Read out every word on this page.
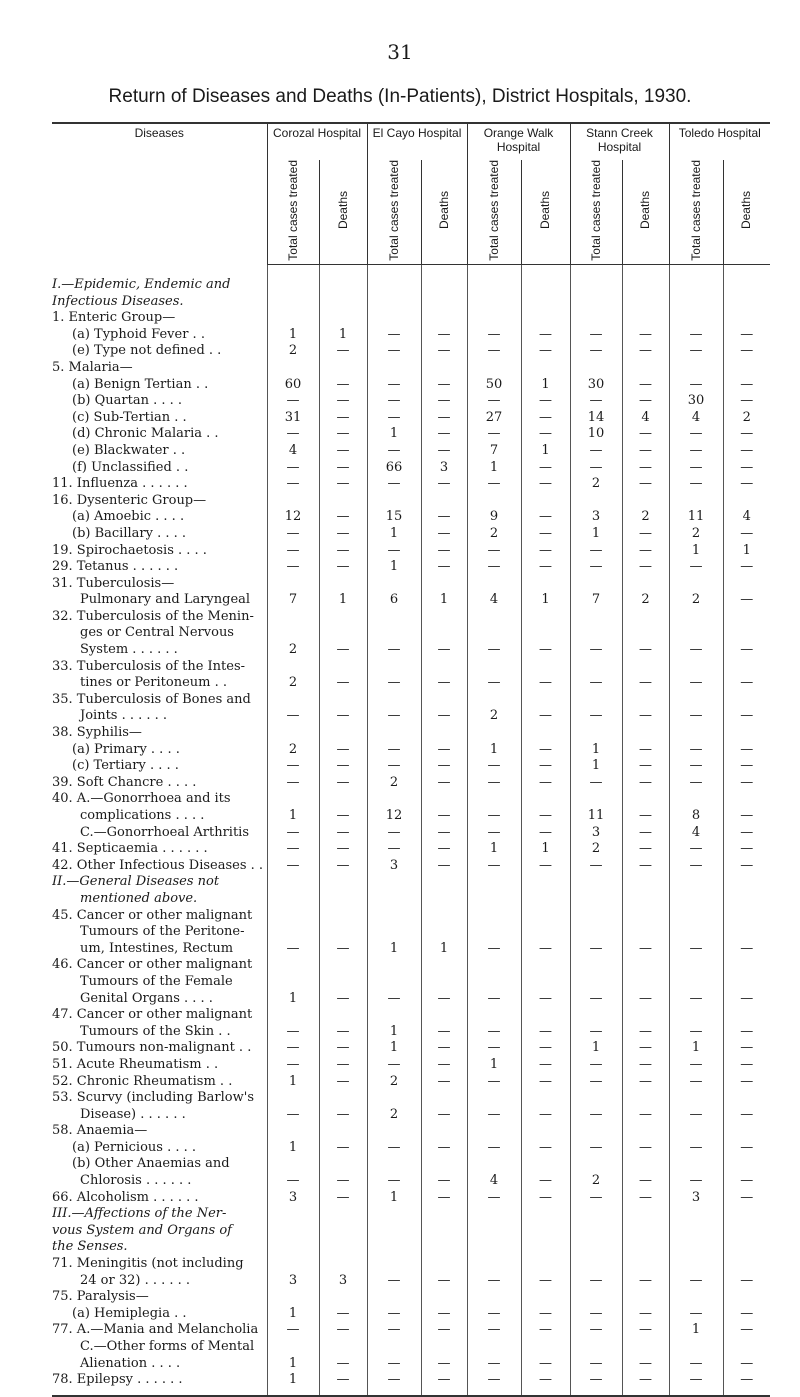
31
Return of Diseases and Deaths (In-Patients), District Hospitals, 1930.
Diseases	Corozal Hospital		El Cayo Hospital		Orange Walk Hospital		Stann Creek Hospital		Toledo Hospital	
	Total cases treated	Deaths	Total cases treated	Deaths	Total cases treated	Deaths	Total cases treated	Deaths	Total cases treated	Deaths
I.—Epidemic, Endemic and										
Infectious Diseases.										
1. Enteric Group—										
(a) Typhoid Fever . .	1	1	—	—	—	—	—	—	—	—
(e) Type not defined . .	2	—	—	—	—	—	—	—	—	—
5. Malaria—										
(a) Benign Tertian . .	60	—	—	—	50	1	30	—	—	—
(b) Quartan . . . .	—	—	—	—	—	—	—	—	30	—
(c) Sub-Tertian . .	31	—	—	—	27	—	14	4	4	2
(d) Chronic Malaria . .	—	—	1	—	—	—	10	—	—	—
(e) Blackwater . .	4	—	—	—	7	1	—	—	—	—
(f) Unclassified . .	—	—	66	3	1	—	—	—	—	—
11. Influenza . . . . . .	—	—	—	—	—	—	2	—	—	—
16. Dysenteric Group—										
(a) Amoebic . . . .	12	—	15	—	9	—	3	2	11	4
(b) Bacillary . . . .	—	—	1	—	2	—	1	—	2	—
19. Spirochaetosis . . . .	—	—	—	—	—	—	—	—	1	1
29. Tetanus . . . . . .	—	—	1	—	—	—	—	—	—	—
31. Tuberculosis—										
Pulmonary and Laryngeal	7	1	6	1	4	1	7	2	2	—
32. Tuberculosis of the Menin-										
ges or Central Nervous										
System . . . . . .	2	—	—	—	—	—	—	—	—	—
33. Tuberculosis of the Intes-										
tines or Peritoneum . .	2	—	—	—	—	—	—	—	—	—
35. Tuberculosis of Bones and										
Joints . . . . . .	—	—	—	—	2	—	—	—	—	—
38. Syphilis—										
(a) Primary . . . .	2	—	—	—	1	—	1	—	—	—
(c) Tertiary . . . .	—	—	—	—	—	—	1	—	—	—
39. Soft Chancre . . . .	—	—	2	—	—	—	—	—	—	—
40. A.—Gonorrhoea and its										
complications . . . .	1	—	12	—	—	—	11	—	8	—
C.—Gonorrhoeal Arthritis	—	—	—	—	—	—	3	—	4	—
41. Septicaemia . . . . . .	—	—	—	—	1	1	2	—	—	—
42. Other Infectious Diseases . .	—	—	3	—	—	—	—	—	—	—
II.—General Diseases not										
mentioned above.										
45. Cancer or other malignant										
Tumours of the Peritone-										
um, Intestines, Rectum	—	—	1	1	—	—	—	—	—	—
46. Cancer or other malignant										
Tumours of the Female										
Genital Organs . . . .	1	—	—	—	—	—	—	—	—	—
47. Cancer or other malignant										
Tumours of the Skin . .	—	—	1	—	—	—	—	—	—	—
50. Tumours non-malignant . .	—	—	1	—	—	—	1	—	1	—
51. Acute Rheumatism . .	—	—	—	—	1	—	—	—	—	—
52. Chronic Rheumatism . .	1	—	2	—	—	—	—	—	—	—
53. Scurvy (including Barlow's										
Disease) . . . . . .	—	—	2	—	—	—	—	—	—	—
58. Anaemia—										
(a) Pernicious . . . .	1	—	—	—	—	—	—	—	—	—
(b) Other Anaemias and										
Chlorosis . . . . . .	—	—	—	—	4	—	2	—	—	—
66. Alcoholism . . . . . .	3	—	1	—	—	—	—	—	3	—
III.—Affections of the Ner-										
vous System and Organs of										
the Senses.										
71. Meningitis (not including										
24 or 32) . . . . . .	3	3	—	—	—	—	—	—	—	—
75. Paralysis—										
(a) Hemiplegia . .	1	—	—	—	—	—	—	—	—	—
77. A.—Mania and Melancholia	—	—	—	—	—	—	—	—	1	—
C.—Other forms of Mental										
Alienation . . . .	1	—	—	—	—	—	—	—	—	—
78. Epilepsy . . . . . .	1	—	—	—	—	—	—	—	—	—
